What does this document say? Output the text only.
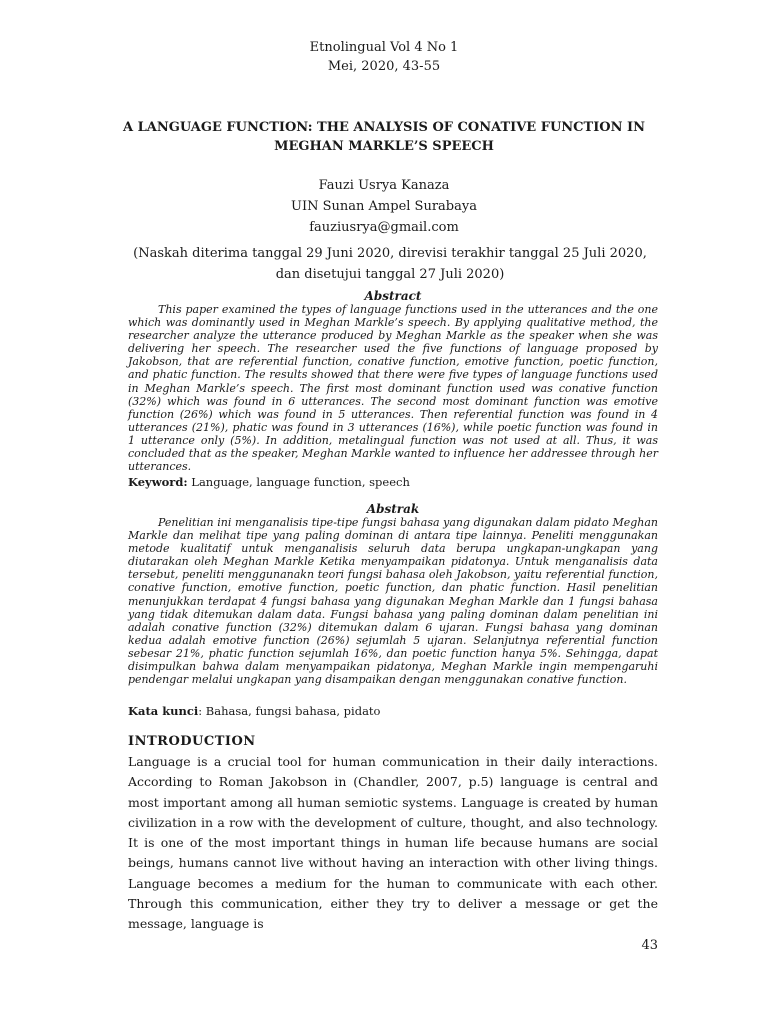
Etnolingual Vol 4 No 1
Mei, 2020, 43-55
A LANGUAGE FUNCTION: THE ANALYSIS OF CONATIVE FUNCTION IN MEGHAN MARKLE’S SPEECH
Fauzi Usrya Kanaza
UIN Sunan Ampel Surabaya
fauziusrya@gmail.com
(Naskah diterima tanggal 29 Juni 2020, direvisi terakhir tanggal 25 Juli 2020, dan disetujui tanggal 27 Juli 2020)
Abstract

This paper examined the types of language functions used in the utterances and the one which was dominantly used in Meghan Markle’s speech. By applying qualitative method, the researcher analyze the utterance produced by Meghan Markle as the speaker when she was delivering her speech. The researcher used the five functions of language proposed by Jakobson, that are referential function, conative function, emotive function, poetic function, and phatic function. The results showed that there were five types of language functions used in Meghan Markle’s speech. The first most dominant function used was conative function (32%) which was found in 6 utterances. The second most dominant function was emotive function (26%) which was found in 5 utterances. Then referential function was found in 4 utterances (21%), phatic was found in 3 utterances (16%), while poetic function was found in 1 utterance only (5%). In addition, metalingual function was not used at all. Thus, it was concluded that as the speaker, Meghan Markle wanted to influence her addressee through her utterances.

Keyword: Language, language function, speech
Abstrak

Penelitian ini menganalisis tipe-tipe fungsi bahasa yang digunakan dalam pidato Meghan Markle dan melihat tipe yang paling dominan di antara tipe lainnya. Peneliti menggunakan metode kualitatif untuk menganalisis seluruh data berupa ungkapan-ungkapan yang diutarakan oleh Meghan Markle Ketika menyampaikan pidatonya. Untuk menganalisis data tersebut, peneliti menggunanakn teori fungsi bahasa oleh Jakobson, yaitu referential function, conative function, emotive function, poetic function, dan phatic function. Hasil penelitian menunjukkan terdapat 4 fungsi bahasa yang digunakan Meghan Markle dan 1 fungsi bahasa yang tidak ditemukan dalam data. Fungsi bahasa yang paling dominan dalam penelitian ini adalah conative function (32%) ditemukan dalam 6 ujaran. Fungsi bahasa yang dominan kedua adalah emotive function (26%) sejumlah 5 ujaran. Selanjutnya referential function sebesar 21%, phatic function sejumlah 16%, dan poetic function hanya 5%. Sehingga, dapat disimpulkan bahwa dalam menyampaikan pidatonya, Meghan Markle ingin mempengaruhi pendengar melalui ungkapan yang disampaikan dengan menggunakan conative function.

Kata kunci: Bahasa, fungsi bahasa, pidato
INTRODUCTION

Language is a crucial tool for human communication in their daily interactions. According to Roman Jakobson in (Chandler, 2007, p.5) language is central and most important among all human semiotic systems. Language is created by human civilization in a row with the development of culture, thought, and also technology. It is one of the most important things in human life because humans are social beings, humans cannot live without having an interaction with other living things. Language becomes a medium for the human to communicate with each other. Through this communication, either they try to deliver a message or get the message, language is

43
